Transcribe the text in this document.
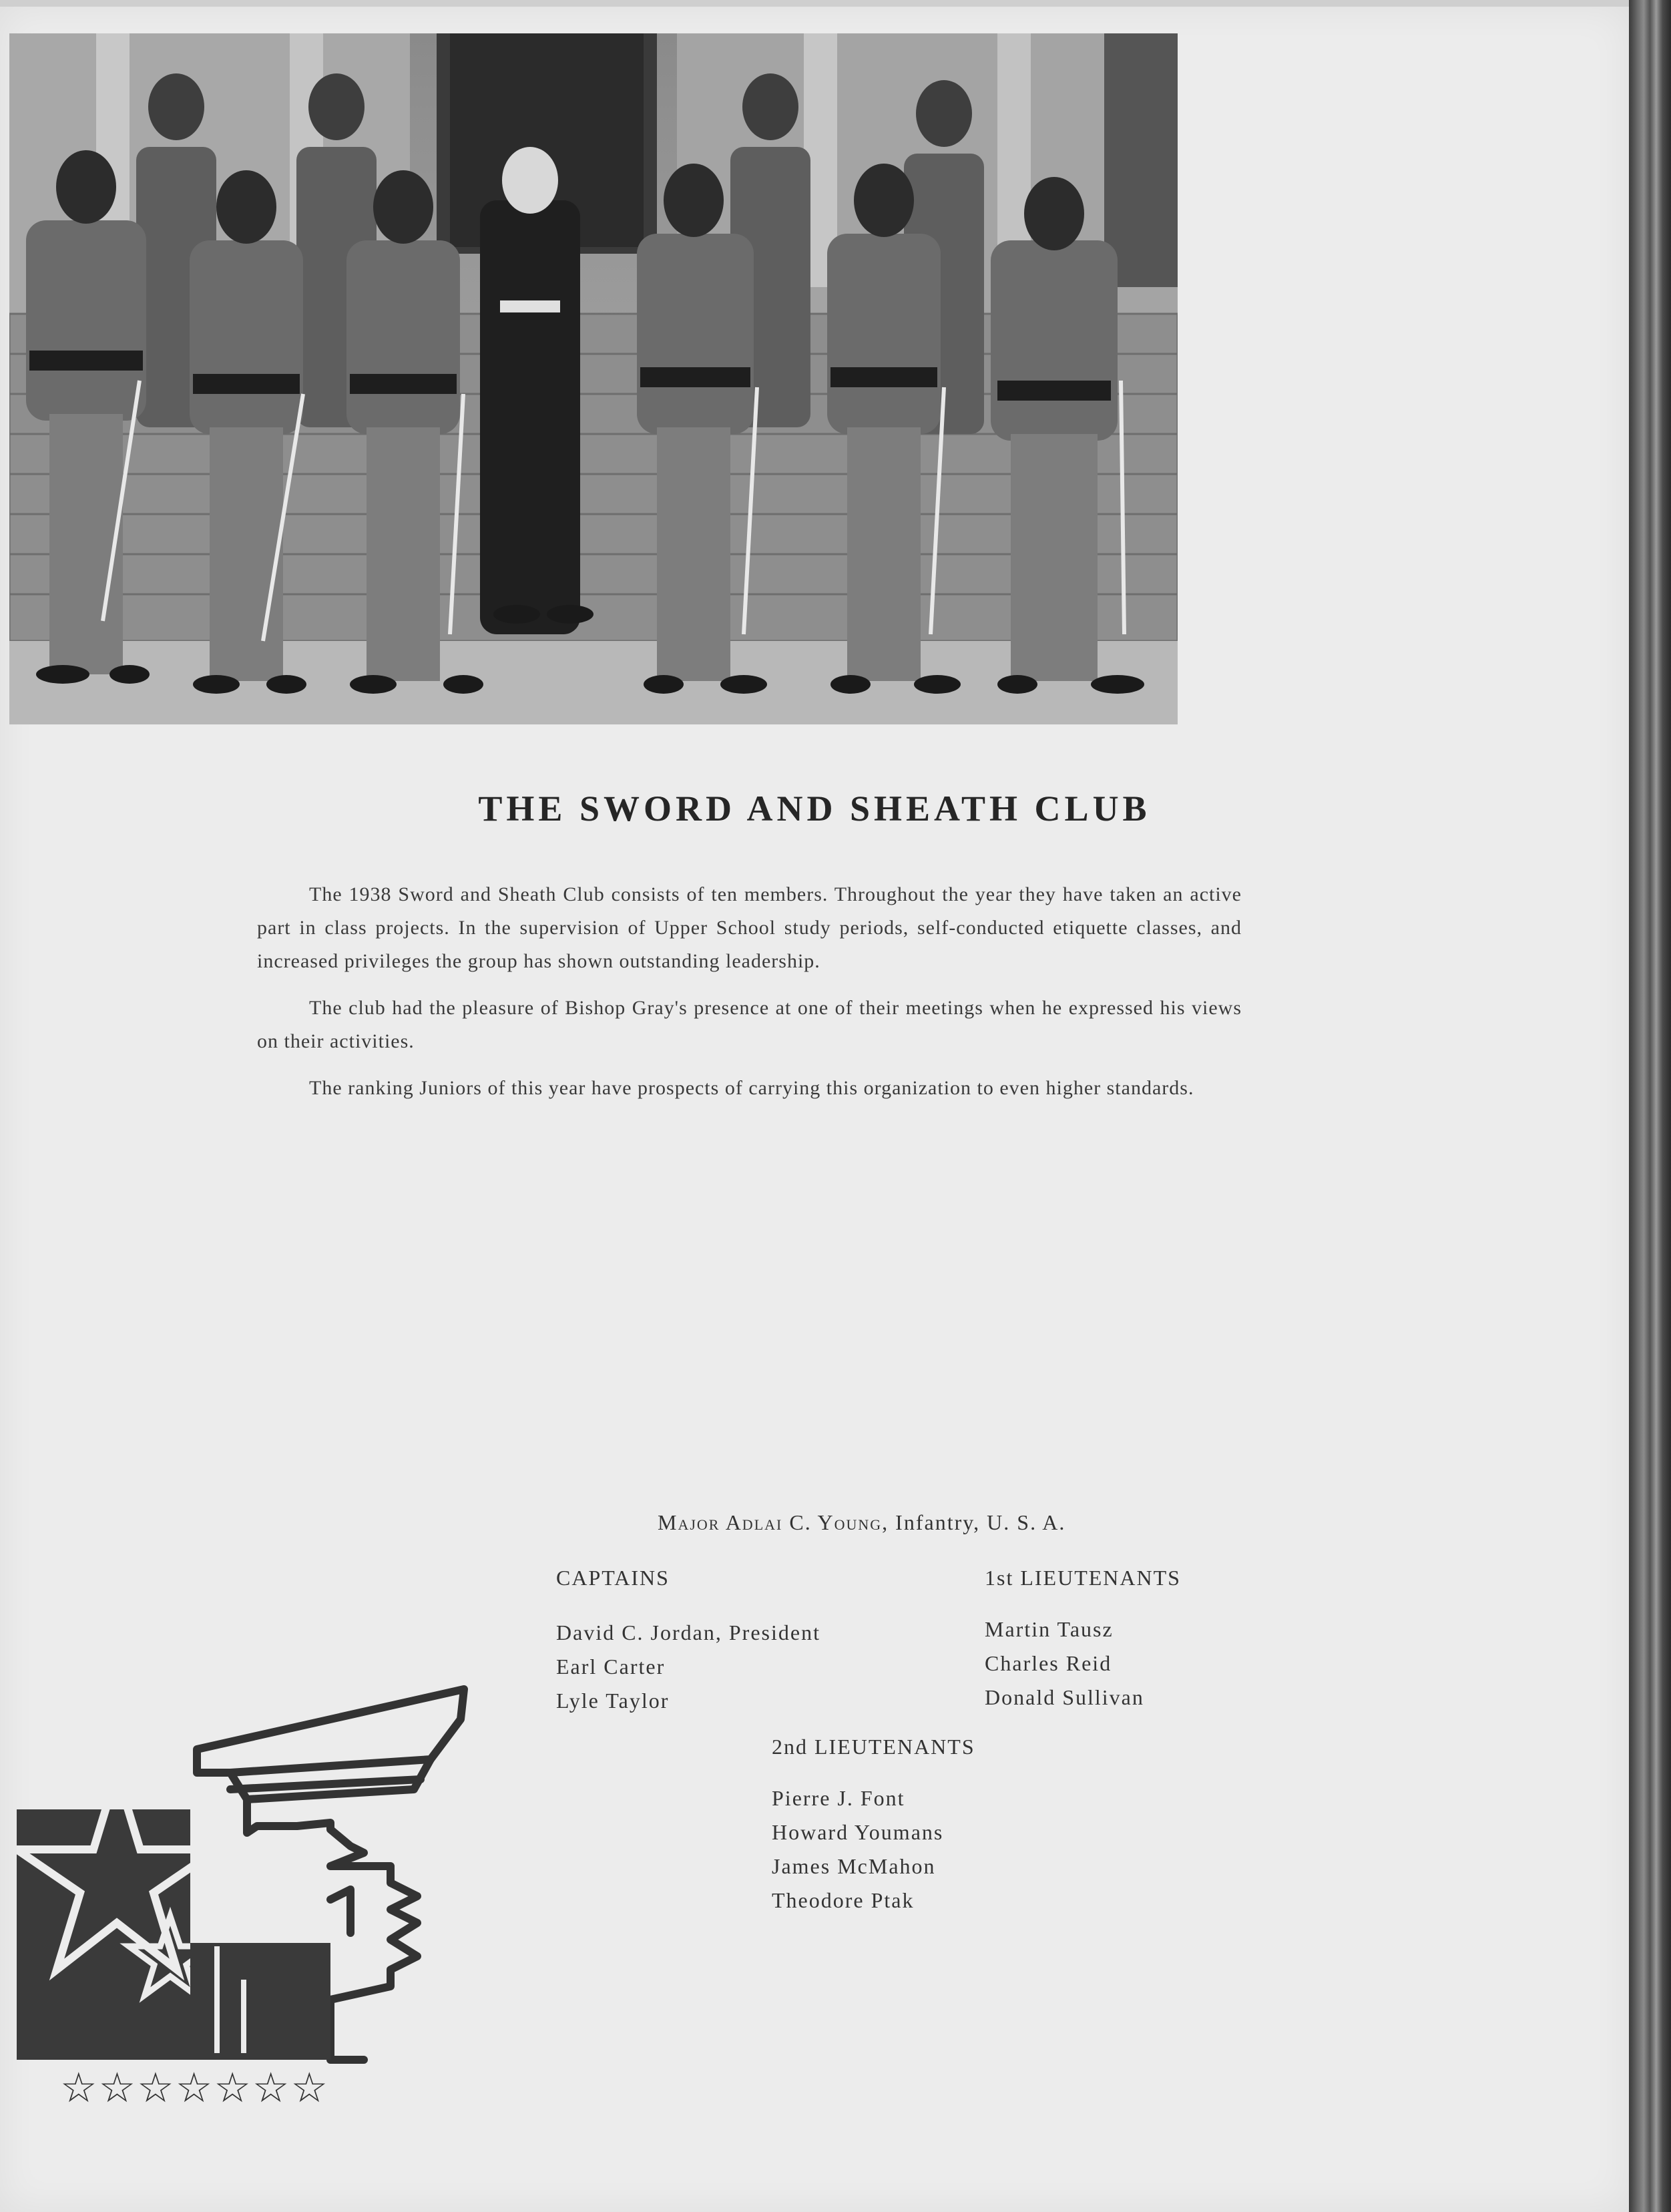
THE SWORD AND SHEATH CLUB

The 1938 Sword and Sheath Club consists of ten members. Throughout the year they have taken an active part in class projects. In the supervision of Upper School study periods, self-conducted etiquette classes, and increased privileges the group has shown outstanding leadership.

The club had the pleasure of Bishop Gray's presence at one of their meetings when he expressed his views on their activities.

The ranking Juniors of this year have prospects of carrying this organization to even higher standards.

Major Adlai C. Young, Infantry, U. S. A.
CAPTAINS
David C. Jordan, President
Earl Carter
Lyle Taylor
1st LIEUTENANTS
Martin Tausz
Charles Reid
Donald Sullivan
2nd LIEUTENANTS
Pierre J. Font
Howard Youmans
James McMahon
Theodore Ptak
☆☆☆☆☆☆☆
